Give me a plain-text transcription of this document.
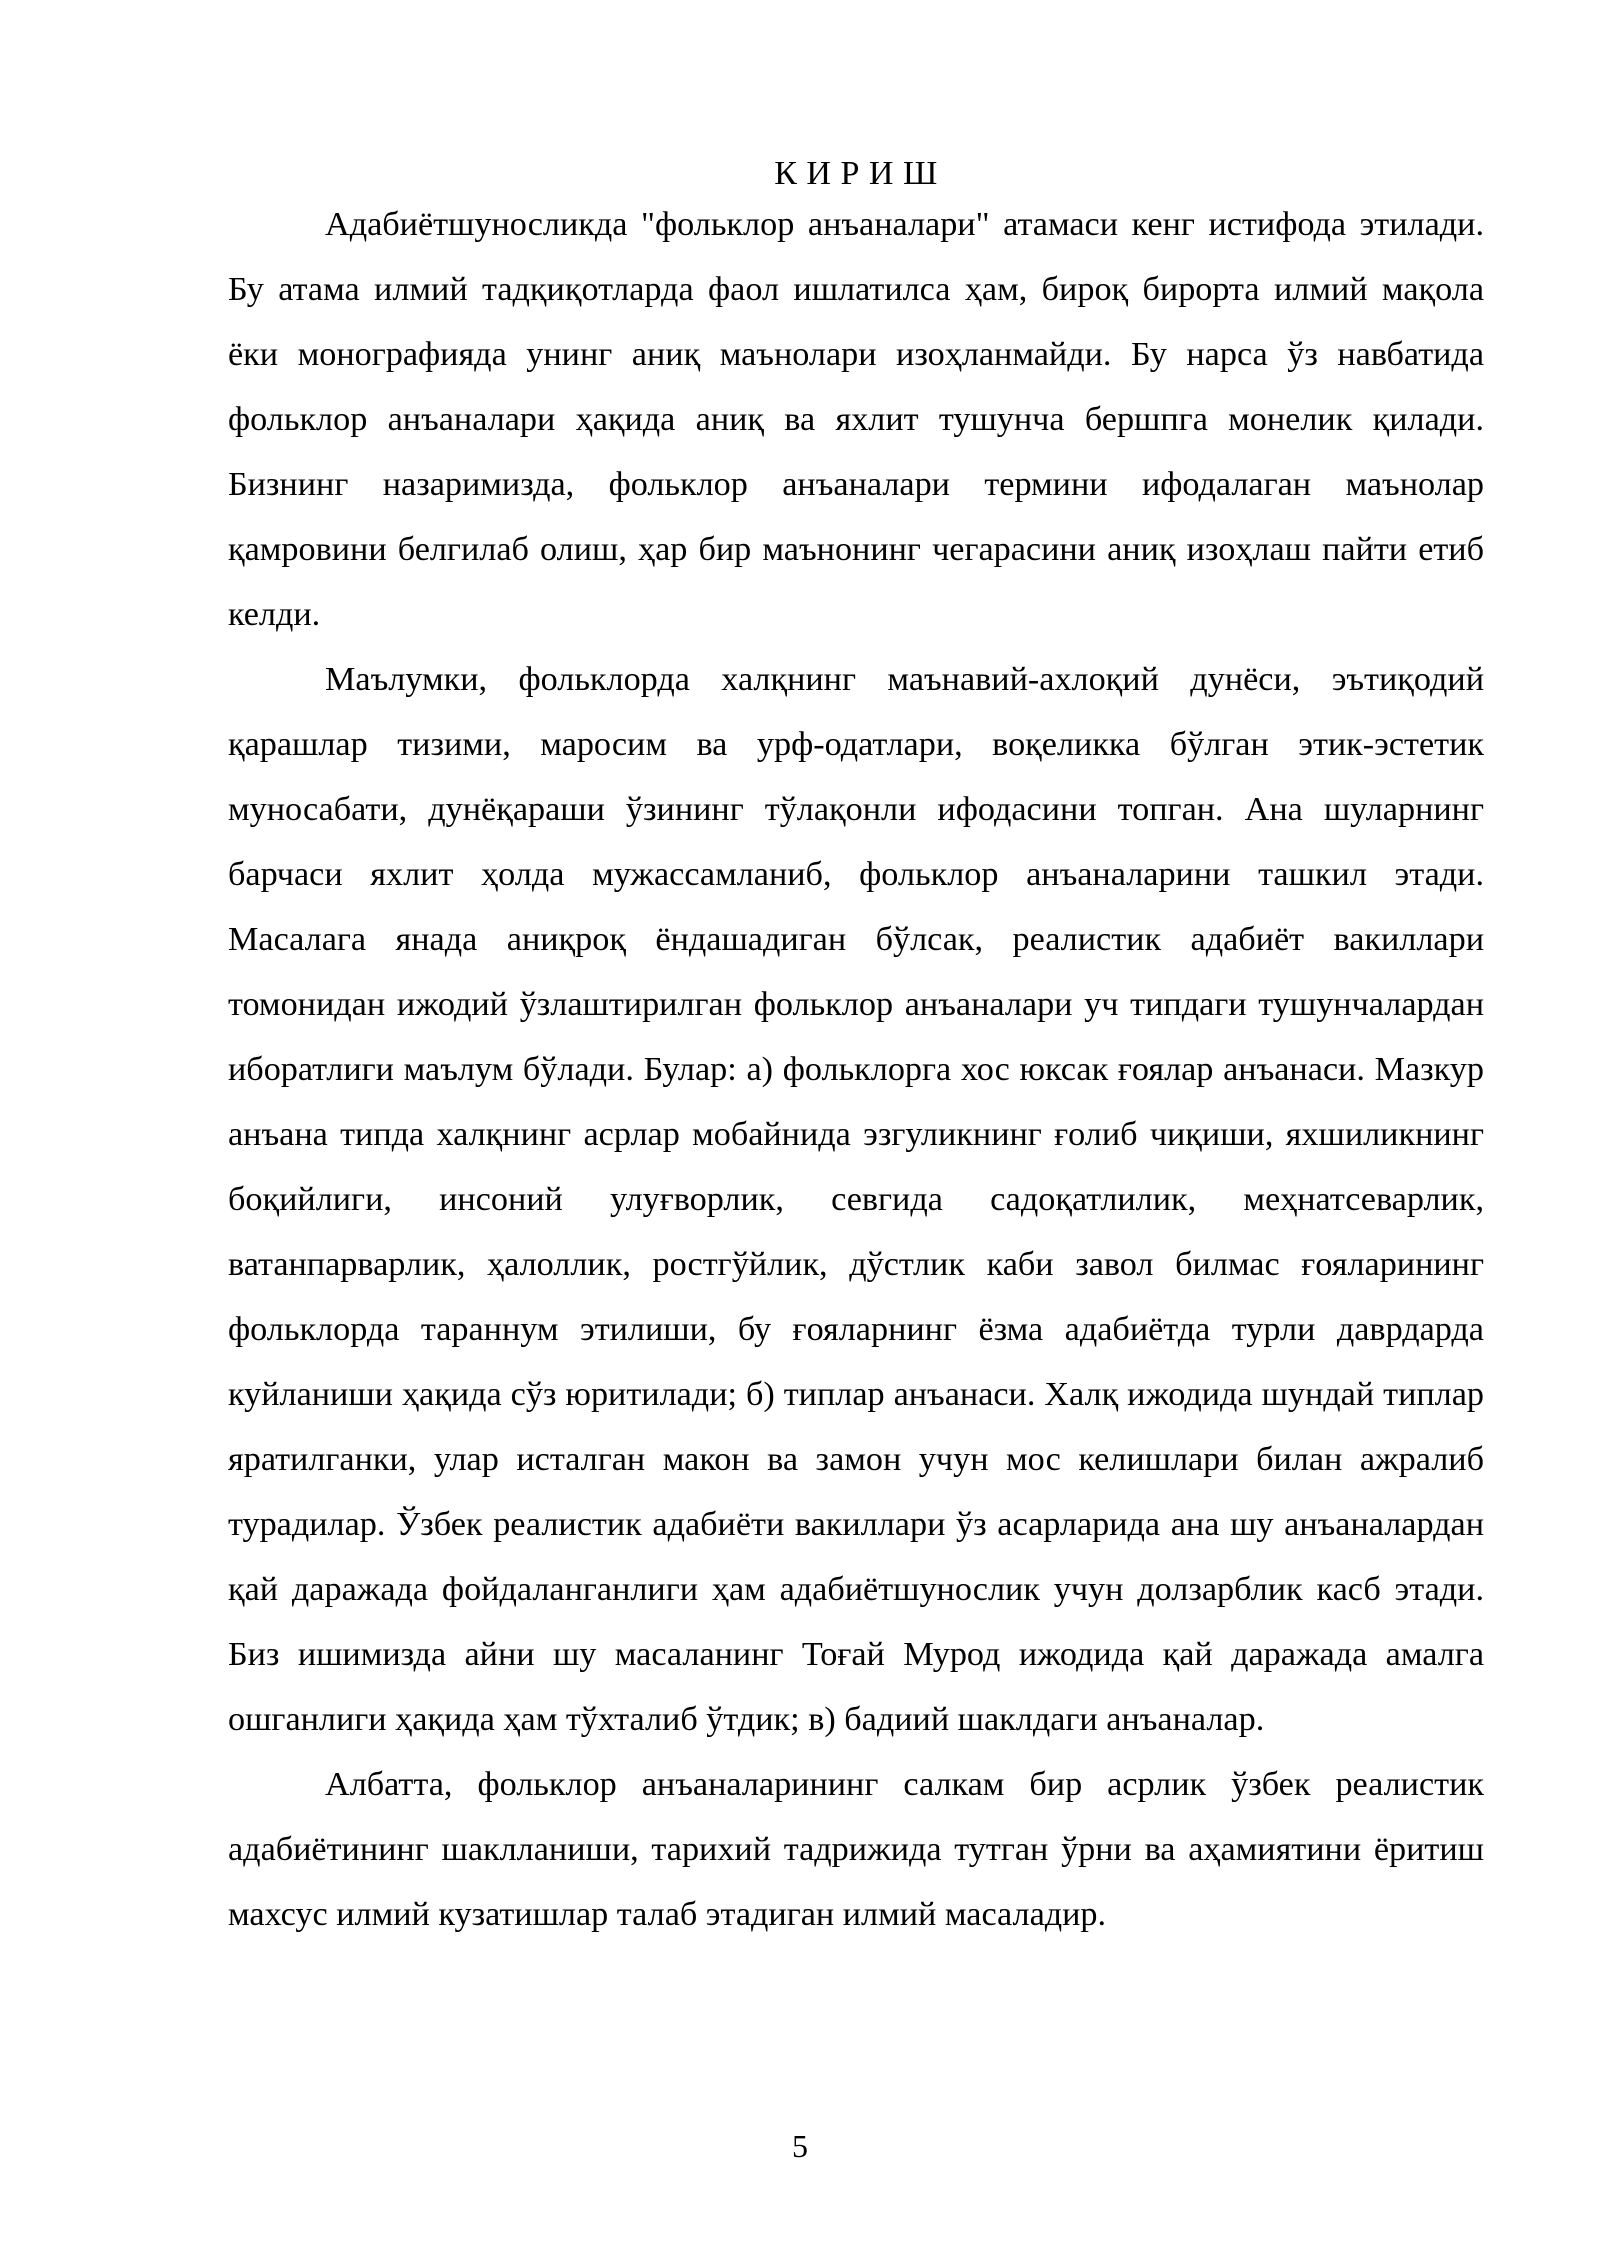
К И Р И Ш

Адабиётшуносликда "фольклор анъаналари" атамаси кенг истифода этилади. Бу атама илмий тадқиқотларда фаол ишлатилса ҳам, бироқ бирорта илмий мақола ёки монографияда унинг аниқ маънолари изоҳланмайди. Бу нарса ўз навбатида фольклор анъаналари ҳақида аниқ ва яхлит тушунча бершпга монелик қилади. Бизнинг назаримизда, фольклор анъаналари термини ифодалаган маънолар қамровини белгилаб олиш, ҳар бир маънонинг чегарасини аниқ изоҳлаш пайти етиб келди.

Маълумки, фольклорда халқнинг маънавий-ахлоқий дунёси, эътиқодий қарашлар тизими, маросим ва урф-одатлари, воқеликка бўлган этик-эстетик муносабати, дунёқараши ўзининг тўлақонли ифодасини топган. Ана шуларнинг барчаси яхлит ҳолда мужассамланиб, фольклор анъаналарини ташкил этади. Масалага янада аниқроқ ёндашадиган бўлсак, реалистик адабиёт вакиллари томонидан ижодий ўзлаштирилган фольклор анъаналари уч типдаги тушунчалардан иборатлиги маълум бўлади. Булар: а) фольклорга хос юксак ғоялар анъанаси. Мазкур анъана типда халқнинг асрлар мобайнида эзгуликнинг ғолиб чиқиши, яхшиликнинг боқийлиги, инсоний улуғворлик, севгида садоқатлилик, меҳнатсеварлик, ватанпарварлик, ҳалоллик, ростгўйлик, дўстлик каби завол билмас ғояларининг фольклорда тараннум этилиши, бу ғояларнинг ёзма адабиётда турли даврдарда куйланиши ҳақида сўз юритилади; б) типлар анъанаси. Халқ ижодида шундай типлар яратилганки, улар исталган макон ва замон учун мос келишлари билан ажралиб турадилар. Ўзбек реалистик адабиёти вакиллари ўз асарларида ана шу анъаналардан қай даражада фойдаланганлиги ҳам адабиётшунослик учун долзарблик касб этади. Биз ишимизда айни шу масаланинг Тоғай Мурод ижодида қай даражада амалга ошганлиги ҳақида ҳам тўхталиб ўтдик; в) бадиий шаклдаги анъаналар.

Албатта, фольклор анъаналарининг салкам бир асрлик ўзбек реалистик адабиётининг шаклланиши, тарихий тадрижида тутган ўрни ва аҳамиятини ёритиш махсус илмий кузатишлар талаб этадиган илмий масаладир.

5
